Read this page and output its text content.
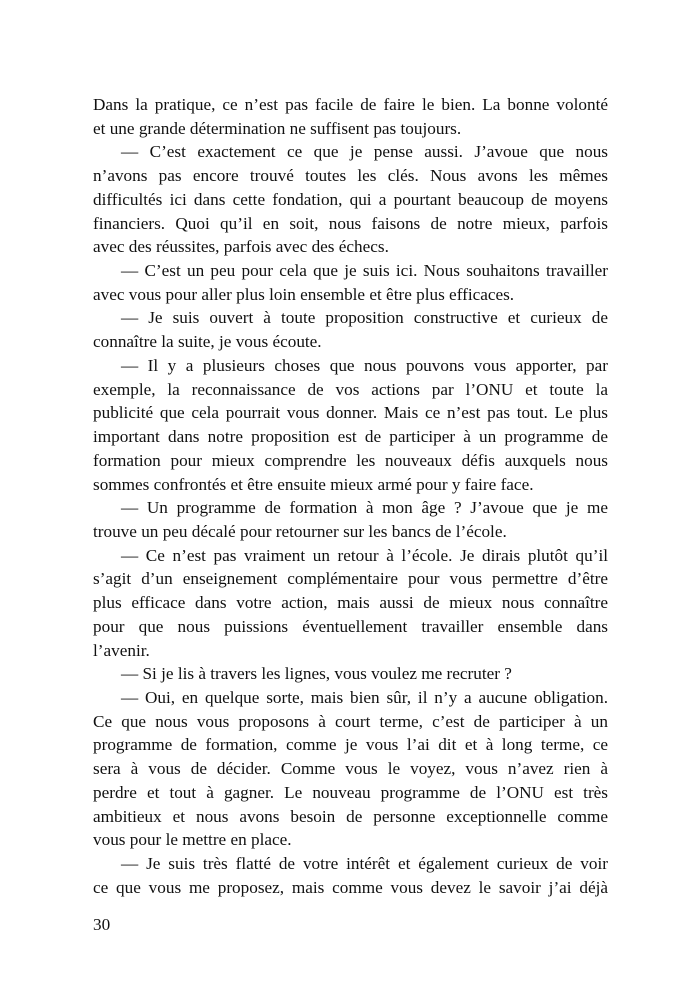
Dans la pratique, ce n’est pas facile de faire le bien. La bonne volonté
et une grande détermination ne suffisent pas toujours.
— C’est exactement ce que je pense aussi. J’avoue que nous
n’avons pas encore trouvé toutes les clés. Nous avons les mêmes
difficultés ici dans cette fondation, qui a pourtant beaucoup de moyens
financiers. Quoi qu’il en soit, nous faisons de notre mieux, parfois
avec des réussites, parfois avec des échecs.
— C’est un peu pour cela que je suis ici. Nous souhaitons travailler
avec vous pour aller plus loin ensemble et être plus efficaces.
— Je suis ouvert à toute proposition constructive et curieux de
connaître la suite, je vous écoute.
— Il y a plusieurs choses que nous pouvons vous apporter, par
exemple, la reconnaissance de vos actions par l’ONU et toute la
publicité que cela pourrait vous donner. Mais ce n’est pas tout. Le plus
important dans notre proposition est de participer à un programme de
formation pour mieux comprendre les nouveaux défis auxquels nous
sommes confrontés et être ensuite mieux armé pour y faire face.
— Un programme de formation à mon âge ? J’avoue que je me
trouve un peu décalé pour retourner sur les bancs de l’école.
— Ce n’est pas vraiment un retour à l’école. Je dirais plutôt qu’il
s’agit d’un enseignement complémentaire pour vous permettre d’être
plus efficace dans votre action, mais aussi de mieux nous connaître
pour que nous puissions éventuellement travailler ensemble dans
l’avenir.
— Si je lis à travers les lignes, vous voulez me recruter ?
— Oui, en quelque sorte, mais bien sûr, il n’y a aucune obligation.
Ce que nous vous proposons à court terme, c’est de participer à un
programme de formation, comme je vous l’ai dit et à long terme, ce
sera à vous de décider. Comme vous le voyez, vous n’avez rien à
perdre et tout à gagner. Le nouveau programme de l’ONU est très
ambitieux et nous avons besoin de personne exceptionnelle comme
vous pour le mettre en place.
— Je suis très flatté de votre intérêt et également curieux de voir
ce que vous me proposez, mais comme vous devez le savoir j’ai déjà
30
